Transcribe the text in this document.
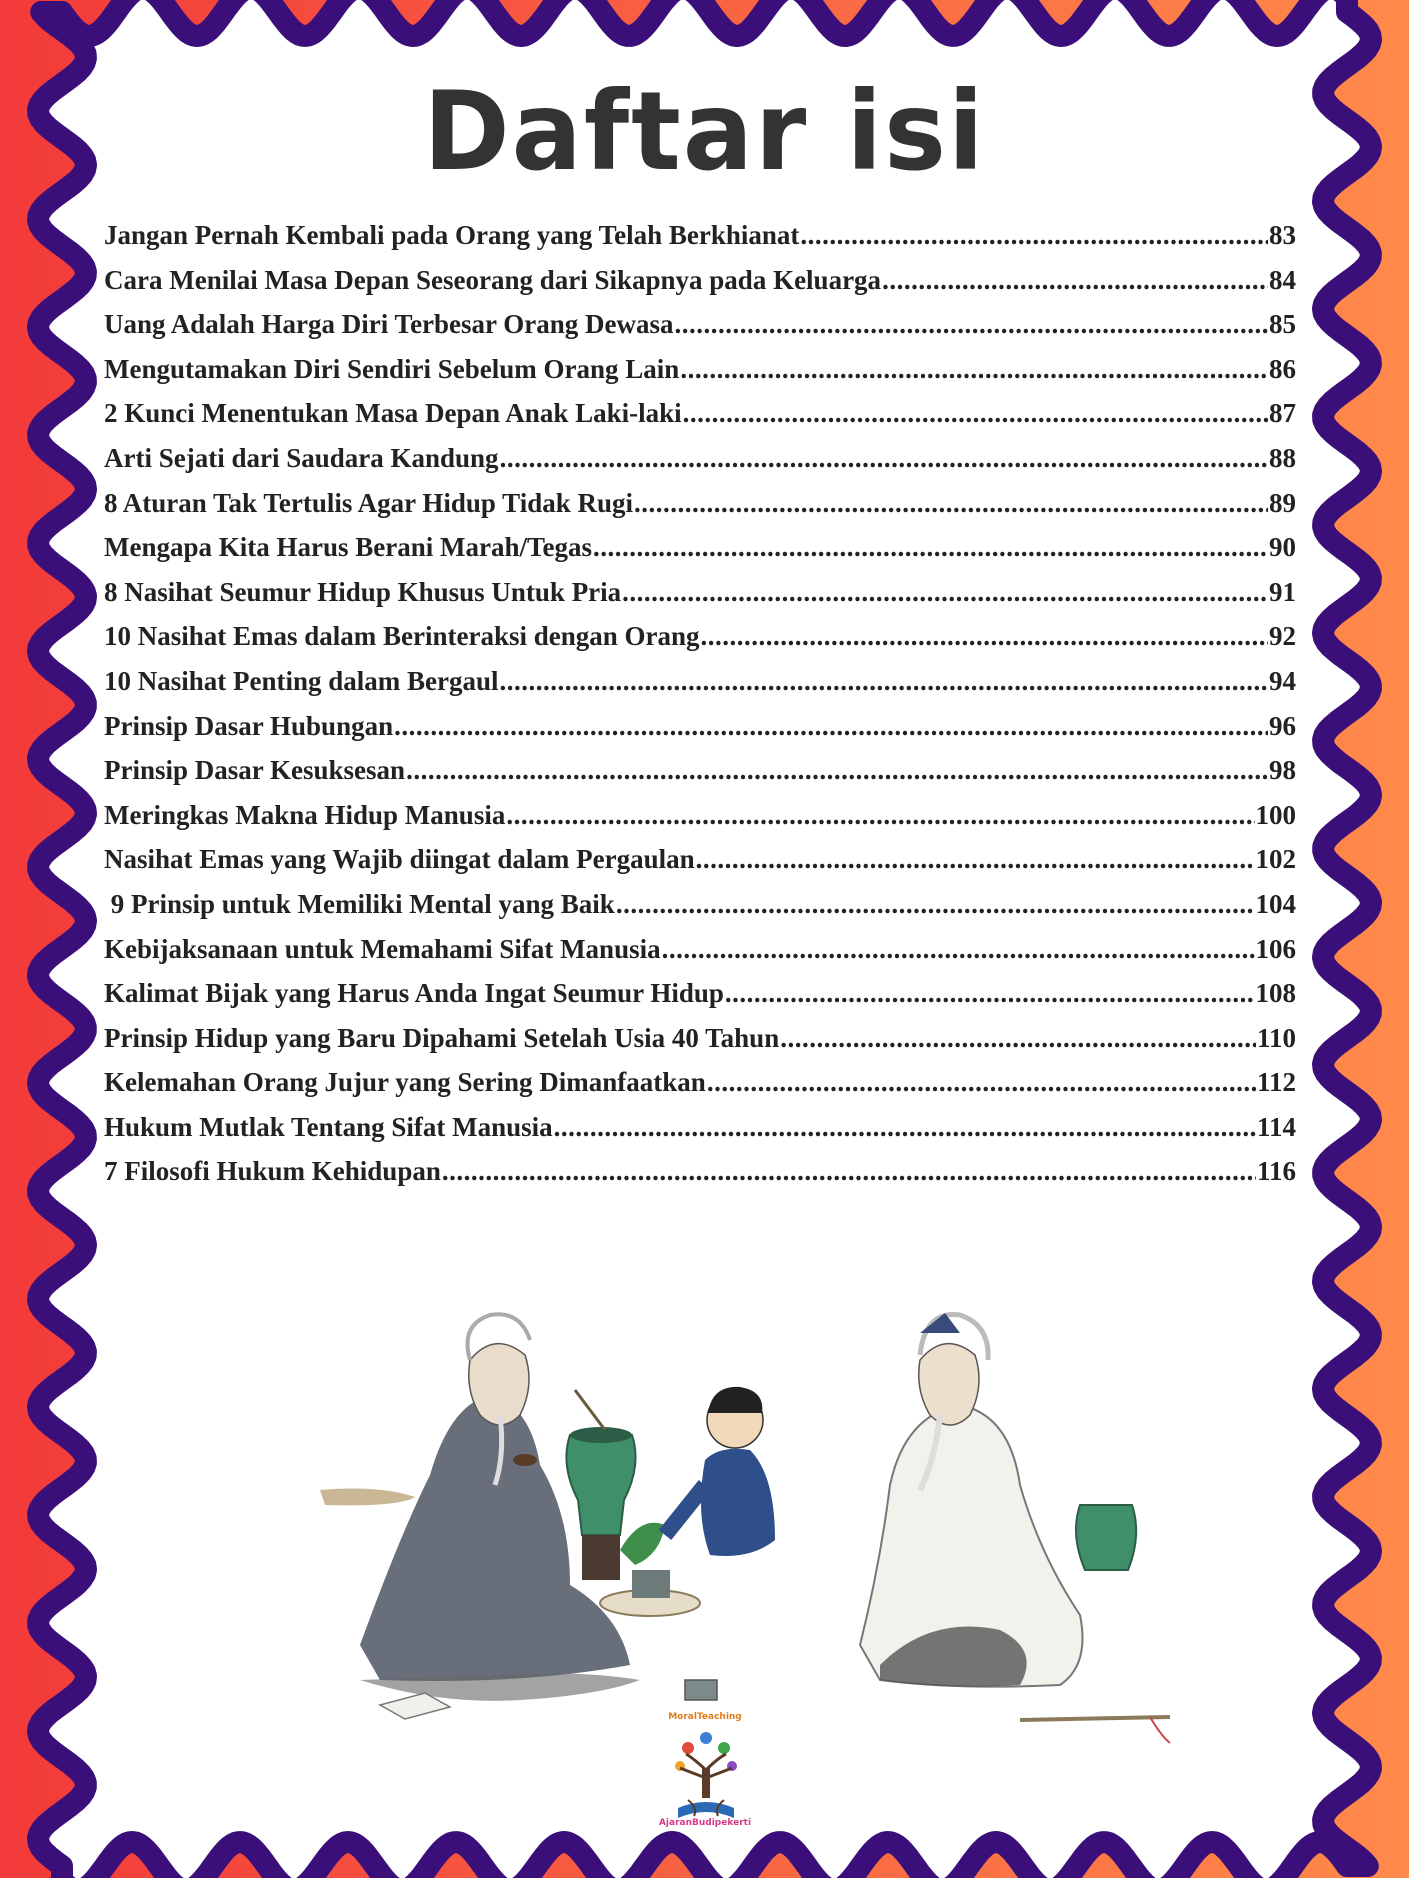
Daftar isi
Jangan Pernah Kembali pada Orang yang Telah Berkhianat .....	83
Cara Menilai Masa Depan Seseorang dari Sikapnya pada Keluarga .....	84
Uang Adalah Harga Diri Terbesar Orang Dewasa .....	85
Mengutamakan Diri Sendiri Sebelum Orang Lain .....	86
2 Kunci Menentukan Masa Depan Anak Laki-laki .....	87
Arti Sejati dari Saudara Kandung .....	88
8 Aturan Tak Tertulis Agar Hidup Tidak Rugi .....	89
Mengapa Kita Harus Berani Marah/Tegas .....	90
8 Nasihat Seumur Hidup Khusus Untuk Pria .....	91
10 Nasihat Emas dalam Berinteraksi dengan Orang .....	92
10 Nasihat Penting dalam Bergaul .....	94
Prinsip Dasar Hubungan .....	96
Prinsip Dasar Kesuksesan .....	98
Meringkas Makna Hidup Manusia .....	100
Nasihat Emas yang Wajib diingat dalam Pergaulan .....	102
9 Prinsip untuk Memiliki Mental yang Baik .....	104
Kebijaksanaan untuk Memahami Sifat Manusia .....	106
Kalimat Bijak yang Harus Anda Ingat Seumur Hidup .....	108
Prinsip Hidup yang Baru Dipahami Setelah Usia 40 Tahun .....	110
Kelemahan Orang Jujur yang Sering Dimanfaatkan .....	112
Hukum Mutlak Tentang Sifat Manusia .....	114
7 Filosofi Hukum Kehidupan .....	116
MoralTeaching
AjaranBudipekerti
